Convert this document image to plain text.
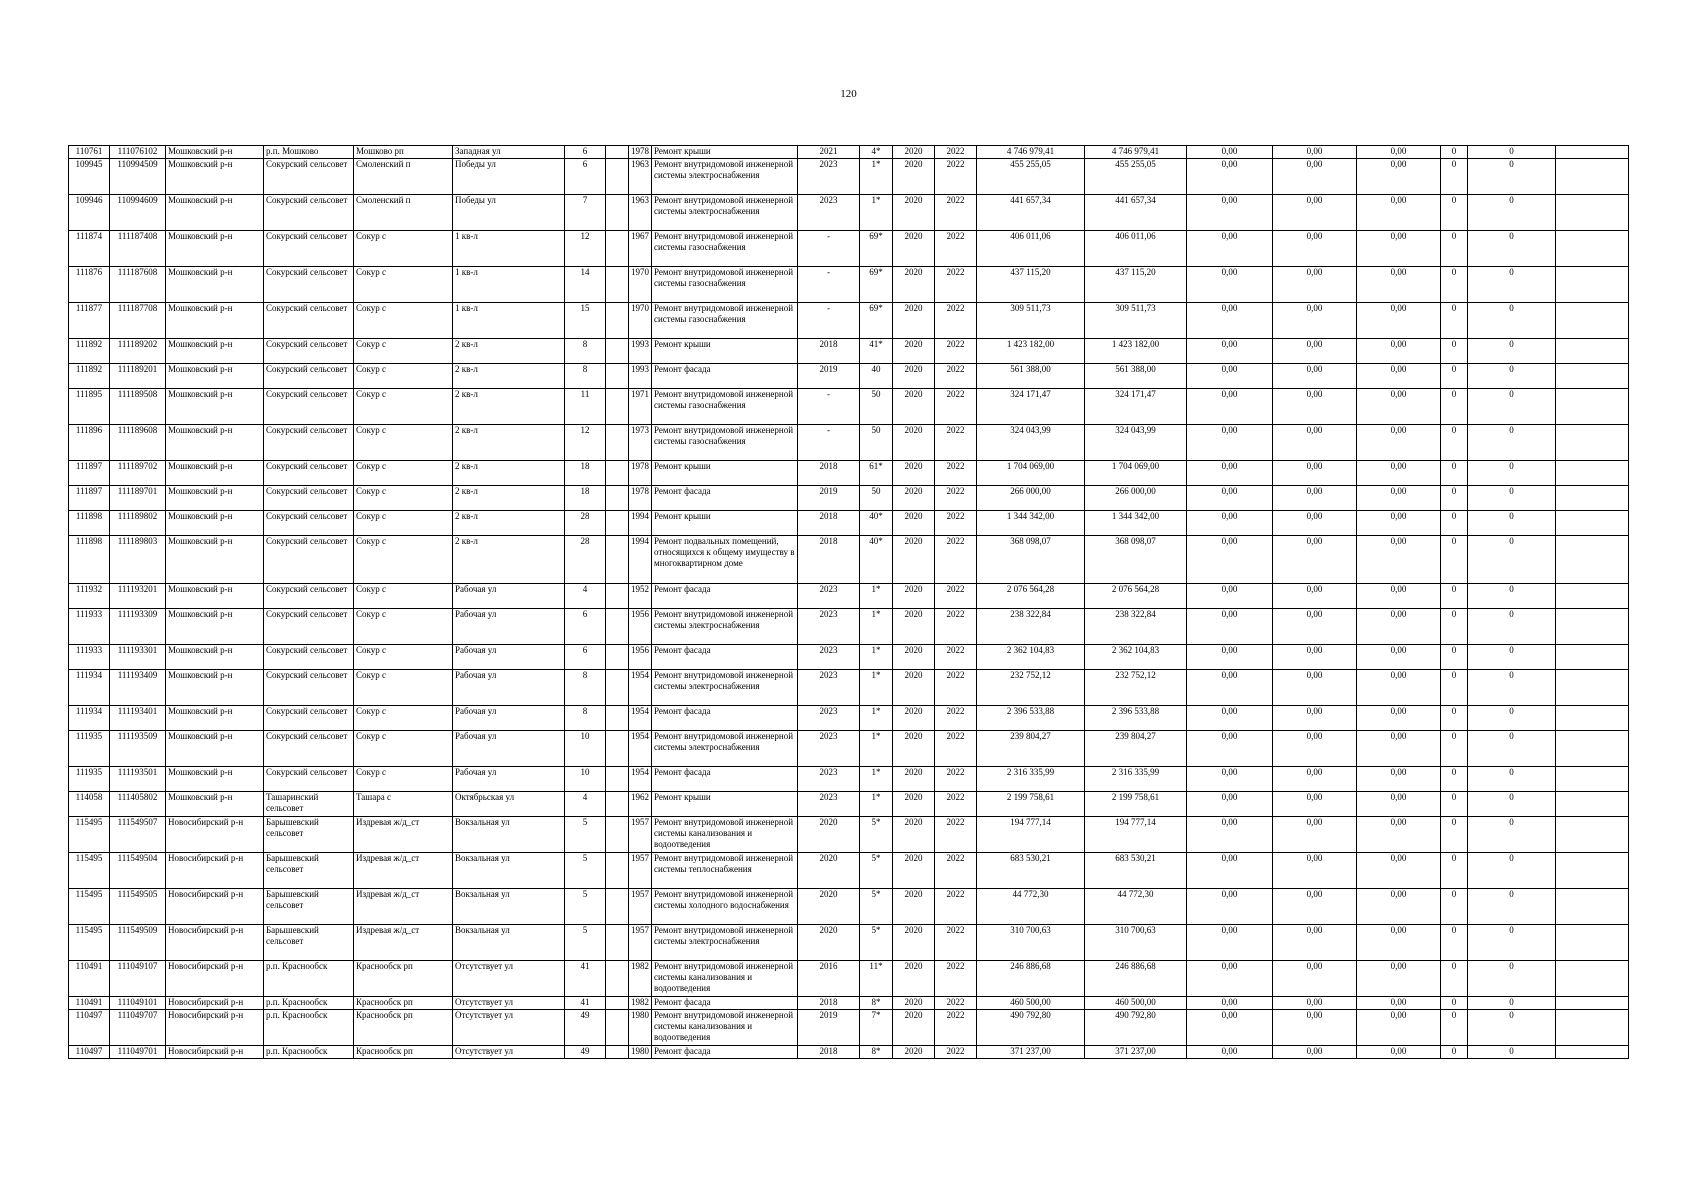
120
110761	111076102	Мошковский р-н	р.п. Мошково	Мошково рп	Западная ул	6		1978	Ремонт крыши	2021	4*	2020	2022	4 746 979,41	4 746 979,41	0,00	0,00	0,00	0	0	
109945	110994509	Мошковский р-н	Сокурский сельсовет	Смоленский п	Победы ул	6		1963	Ремонт внутридомовой инженерной системы электроснабжения	2023	1*	2020	2022	455 255,05	455 255,05	0,00	0,00	0,00	0	0	
109946	110994609	Мошковский р-н	Сокурский сельсовет	Смоленский п	Победы ул	7		1963	Ремонт внутридомовой инженерной системы электроснабжения	2023	1*	2020	2022	441 657,34	441 657,34	0,00	0,00	0,00	0	0	
111874	111187408	Мошковский р-н	Сокурский сельсовет	Сокур с	1 кв-л	12		1967	Ремонт внутридомовой инженерной системы газоснабжения	-	69*	2020	2022	406 011,06	406 011,06	0,00	0,00	0,00	0	0	
111876	111187608	Мошковский р-н	Сокурский сельсовет	Сокур с	1 кв-л	14		1970	Ремонт внутридомовой инженерной системы газоснабжения	-	69*	2020	2022	437 115,20	437 115,20	0,00	0,00	0,00	0	0	
111877	111187708	Мошковский р-н	Сокурский сельсовет	Сокур с	1 кв-л	15		1970	Ремонт внутридомовой инженерной системы газоснабжения	-	69*	2020	2022	309 511,73	309 511,73	0,00	0,00	0,00	0	0	
111892	111189202	Мошковский р-н	Сокурский сельсовет	Сокур с	2 кв-л	8		1993	Ремонт крыши	2018	41*	2020	2022	1 423 182,00	1 423 182,00	0,00	0,00	0,00	0	0	
111892	111189201	Мошковский р-н	Сокурский сельсовет	Сокур с	2 кв-л	8		1993	Ремонт фасада	2019	40	2020	2022	561 388,00	561 388,00	0,00	0,00	0,00	0	0	
111895	111189508	Мошковский р-н	Сокурский сельсовет	Сокур с	2 кв-л	11		1971	Ремонт внутридомовой инженерной системы газоснабжения	-	50	2020	2022	324 171,47	324 171,47	0,00	0,00	0,00	0	0	
111896	111189608	Мошковский р-н	Сокурский сельсовет	Сокур с	2 кв-л	12		1973	Ремонт внутридомовой инженерной системы газоснабжения	-	50	2020	2022	324 043,99	324 043,99	0,00	0,00	0,00	0	0	
111897	111189702	Мошковский р-н	Сокурский сельсовет	Сокур с	2 кв-л	18		1978	Ремонт крыши	2018	61*	2020	2022	1 704 069,00	1 704 069,00	0,00	0,00	0,00	0	0	
111897	111189701	Мошковский р-н	Сокурский сельсовет	Сокур с	2 кв-л	18		1978	Ремонт фасада	2019	50	2020	2022	266 000,00	266 000,00	0,00	0,00	0,00	0	0	
111898	111189802	Мошковский р-н	Сокурский сельсовет	Сокур с	2 кв-л	28		1994	Ремонт крыши	2018	40*	2020	2022	1 344 342,00	1 344 342,00	0,00	0,00	0,00	0	0	
111898	111189803	Мошковский р-н	Сокурский сельсовет	Сокур с	2 кв-л	28		1994	Ремонт подвальных помещений, относящихся к общему имуществу в многоквартирном доме	2018	40*	2020	2022	368 098,07	368 098,07	0,00	0,00	0,00	0	0	
111932	111193201	Мошковский р-н	Сокурский сельсовет	Сокур с	Рабочая ул	4		1952	Ремонт фасада	2023	1*	2020	2022	2 076 564,28	2 076 564,28	0,00	0,00	0,00	0	0	
111933	111193309	Мошковский р-н	Сокурский сельсовет	Сокур с	Рабочая ул	6		1956	Ремонт внутридомовой инженерной системы электроснабжения	2023	1*	2020	2022	238 322,84	238 322,84	0,00	0,00	0,00	0	0	
111933	111193301	Мошковский р-н	Сокурский сельсовет	Сокур с	Рабочая ул	6		1956	Ремонт фасада	2023	1*	2020	2022	2 362 104,83	2 362 104,83	0,00	0,00	0,00	0	0	
111934	111193409	Мошковский р-н	Сокурский сельсовет	Сокур с	Рабочая ул	8		1954	Ремонт внутридомовой инженерной системы электроснабжения	2023	1*	2020	2022	232 752,12	232 752,12	0,00	0,00	0,00	0	0	
111934	111193401	Мошковский р-н	Сокурский сельсовет	Сокур с	Рабочая ул	8		1954	Ремонт фасада	2023	1*	2020	2022	2 396 533,88	2 396 533,88	0,00	0,00	0,00	0	0	
111935	111193509	Мошковский р-н	Сокурский сельсовет	Сокур с	Рабочая ул	10		1954	Ремонт внутридомовой инженерной системы электроснабжения	2023	1*	2020	2022	239 804,27	239 804,27	0,00	0,00	0,00	0	0	
111935	111193501	Мошковский р-н	Сокурский сельсовет	Сокур с	Рабочая ул	10		1954	Ремонт фасада	2023	1*	2020	2022	2 316 335,99	2 316 335,99	0,00	0,00	0,00	0	0	
114058	111405802	Мошковский р-н	Ташаринский сельсовет	Ташара с	Октябрьская ул	4		1962	Ремонт крыши	2023	1*	2020	2022	2 199 758,61	2 199 758,61	0,00	0,00	0,00	0	0	
115495	111549507	Новосибирский р-н	Барышевский сельсовет	Издревая ж/д_ст	Вокзальная ул	5		1957	Ремонт внутридомовой инженерной системы канализования и водоотведения	2020	5*	2020	2022	194 777,14	194 777,14	0,00	0,00	0,00	0	0	
115495	111549504	Новосибирский р-н	Барышевский сельсовет	Издревая ж/д_ст	Вокзальная ул	5		1957	Ремонт внутридомовой инженерной системы теплоснабжения	2020	5*	2020	2022	683 530,21	683 530,21	0,00	0,00	0,00	0	0	
115495	111549505	Новосибирский р-н	Барышевский сельсовет	Издревая ж/д_ст	Вокзальная ул	5		1957	Ремонт внутридомовой инженерной системы холодного водоснабжения	2020	5*	2020	2022	44 772,30	44 772,30	0,00	0,00	0,00	0	0	
115495	111549509	Новосибирский р-н	Барышевский сельсовет	Издревая ж/д_ст	Вокзальная ул	5		1957	Ремонт внутридомовой инженерной системы электроснабжения	2020	5*	2020	2022	310 700,63	310 700,63	0,00	0,00	0,00	0	0	
110491	111049107	Новосибирский р-н	р.п. Краснообск	Краснообск рп	Отсутствует ул	41		1982	Ремонт внутридомовой инженерной системы канализования и водоотведения	2016	11*	2020	2022	246 886,68	246 886,68	0,00	0,00	0,00	0	0	
110491	111049101	Новосибирский р-н	р.п. Краснообск	Краснообск рп	Отсутствует ул	41		1982	Ремонт фасада	2018	8*	2020	2022	460 500,00	460 500,00	0,00	0,00	0,00	0	0	
110497	111049707	Новосибирский р-н	р.п. Краснообск	Краснообск рп	Отсутствует ул	49		1980	Ремонт внутридомовой инженерной системы канализования и водоотведения	2019	7*	2020	2022	490 792,80	490 792,80	0,00	0,00	0,00	0	0	
110497	111049701	Новосибирский р-н	р.п. Краснообск	Краснообск рп	Отсутствует ул	49		1980	Ремонт фасада	2018	8*	2020	2022	371 237,00	371 237,00	0,00	0,00	0,00	0	0	
